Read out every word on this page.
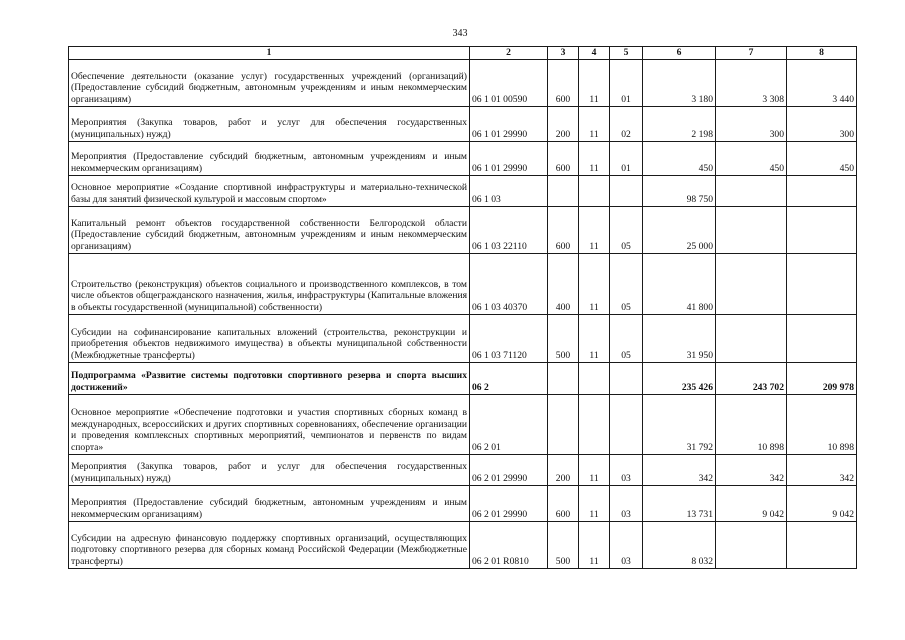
343
1	2	3	4	5	6	7	8
Обеспечение деятельности (оказание услуг) государственных учреждений (организаций) (Предоставление субсидий бюджетным, автономным учреждениям и иным некоммерческим организациям)	06 1 01 00590	600	11	01	3 180	3 308	3 440
Мероприятия (Закупка товаров, работ и услуг для обеспечения государственных (муниципальных) нужд)	06 1 01 29990	200	11	02	2 198	300	300
Мероприятия (Предоставление субсидий бюджетным, автономным учреждениям и иным некоммерческим организациям)	06 1 01 29990	600	11	01	450	450	450
Основное мероприятие «Создание спортивной инфраструктуры и материально-технической базы для занятий физической культурой и массовым спортом»	06 1 03				98 750		
Капитальный ремонт объектов государственной собственности Белгородской области (Предоставление субсидий бюджетным, автономным учреждениям и иным некоммерческим организациям)	06 1 03 22110	600	11	05	25 000		
Строительство (реконструкция) объектов социального и производственного комплексов, в том числе объектов общегражданского назначения, жилья, инфраструктуры (Капитальные вложения в объекты государственной (муниципальной) собственности)	06 1 03 40370	400	11	05	41 800		
Субсидии на софинансирование капитальных вложений (строительства, реконструкции и приобретения объектов недвижимого имущества) в объекты муниципальной собственности (Межбюджетные трансферты)	06 1 03 71120	500	11	05	31 950		
Подпрограмма «Развитие системы подготовки спортивного резерва и спорта высших достижений»	06 2				235 426	243 702	209 978
Основное мероприятие «Обеспечение подготовки и участия спортивных сборных команд в международных, всероссийских и других спортивных соревнованиях, обеспечение организации и проведения комплексных спортивных мероприятий, чемпионатов и первенств по видам спорта»	06 2 01				31 792	10 898	10 898
Мероприятия (Закупка товаров, работ и услуг для обеспечения государственных (муниципальных) нужд)	06 2 01 29990	200	11	03	342	342	342
Мероприятия (Предоставление субсидий бюджетным, автономным учреждениям и иным некоммерческим организациям)	06 2 01 29990	600	11	03	13 731	9 042	9 042
Субсидии на адресную финансовую поддержку спортивных организаций, осуществляющих подготовку спортивного резерва для сборных команд Российской Федерации (Межбюджетные трансферты)	06 2 01 R0810	500	11	03	8 032		
